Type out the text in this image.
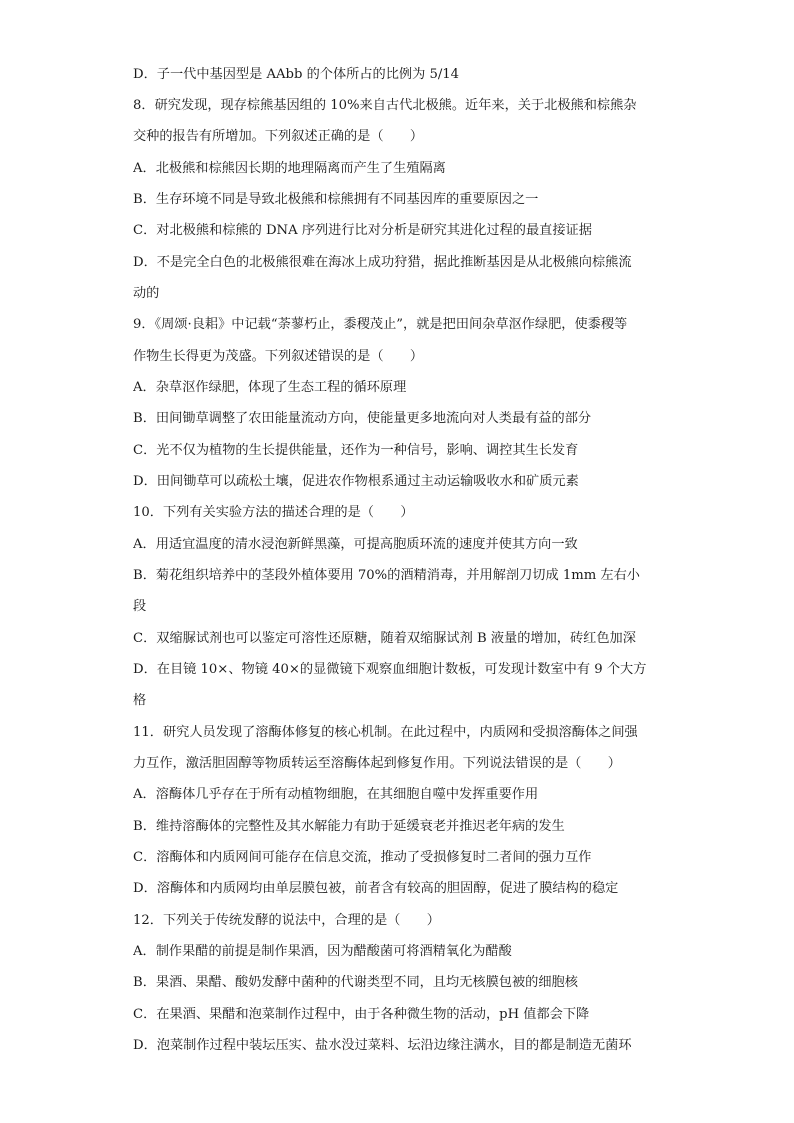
D．子一代中基因型是 AAbb 的个体所占的比例为 5/14
8．研究发现，现存棕熊基因组的 10%来自古代北极熊。近年来，关于北极熊和棕熊杂
交种的报告有所增加。下列叙述正确的是（　　）
A．北极熊和棕熊因长期的地理隔离而产生了生殖隔离
B．生存环境不同是导致北极熊和棕熊拥有不同基因库的重要原因之一
C．对北极熊和棕熊的 DNA 序列进行比对分析是研究其进化过程的最直接证据
D．不是完全白色的北极熊很难在海冰上成功狩猎，据此推断基因是从北极熊向棕熊流
动的
9．《周颂·良耜》中记载“荼蓼朽止，黍稷茂止”，就是把田间杂草沤作绿肥，使黍稷等
作物生长得更为茂盛。下列叙述错误的是（　　）
A．杂草沤作绿肥，体现了生态工程的循环原理
B．田间锄草调整了农田能量流动方向，使能量更多地流向对人类最有益的部分
C．光不仅为植物的生长提供能量，还作为一种信号，影响、调控其生长发育
D．田间锄草可以疏松土壤，促进农作物根系通过主动运输吸收水和矿质元素
10．下列有关实验方法的描述合理的是（　　）
A．用适宜温度的清水浸泡新鲜黑藻，可提高胞质环流的速度并使其方向一致
B．菊花组织培养中的茎段外植体要用 70%的酒精消毒，并用解剖刀切成 1mm 左右小
段
C．双缩脲试剂也可以鉴定可溶性还原糖，随着双缩脲试剂 B 液量的增加，砖红色加深
D．在目镜 10×、物镜 40×的显微镜下观察血细胞计数板，可发现计数室中有 9 个大方
格
11．研究人员发现了溶酶体修复的核心机制。在此过程中，内质网和受损溶酶体之间强
力互作，激活胆固醇等物质转运至溶酶体起到修复作用。下列说法错误的是（　　）
A．溶酶体几乎存在于所有动植物细胞，在其细胞自噬中发挥重要作用
B．维持溶酶体的完整性及其水解能力有助于延缓衰老并推迟老年病的发生
C．溶酶体和内质网间可能存在信息交流，推动了受损修复时二者间的强力互作
D．溶酶体和内质网均由单层膜包被，前者含有较高的胆固醇，促进了膜结构的稳定
12．下列关于传统发酵的说法中，合理的是（　　）
A．制作果醋的前提是制作果酒，因为醋酸菌可将酒精氧化为醋酸
B．果酒、果醋、酸奶发酵中菌种的代谢类型不同，且均无核膜包被的细胞核
C．在果酒、果醋和泡菜制作过程中，由于各种微生物的活动，pH 值都会下降
D．泡菜制作过程中装坛压实、盐水没过菜料、坛沿边缘注满水，目的都是制造无菌环
